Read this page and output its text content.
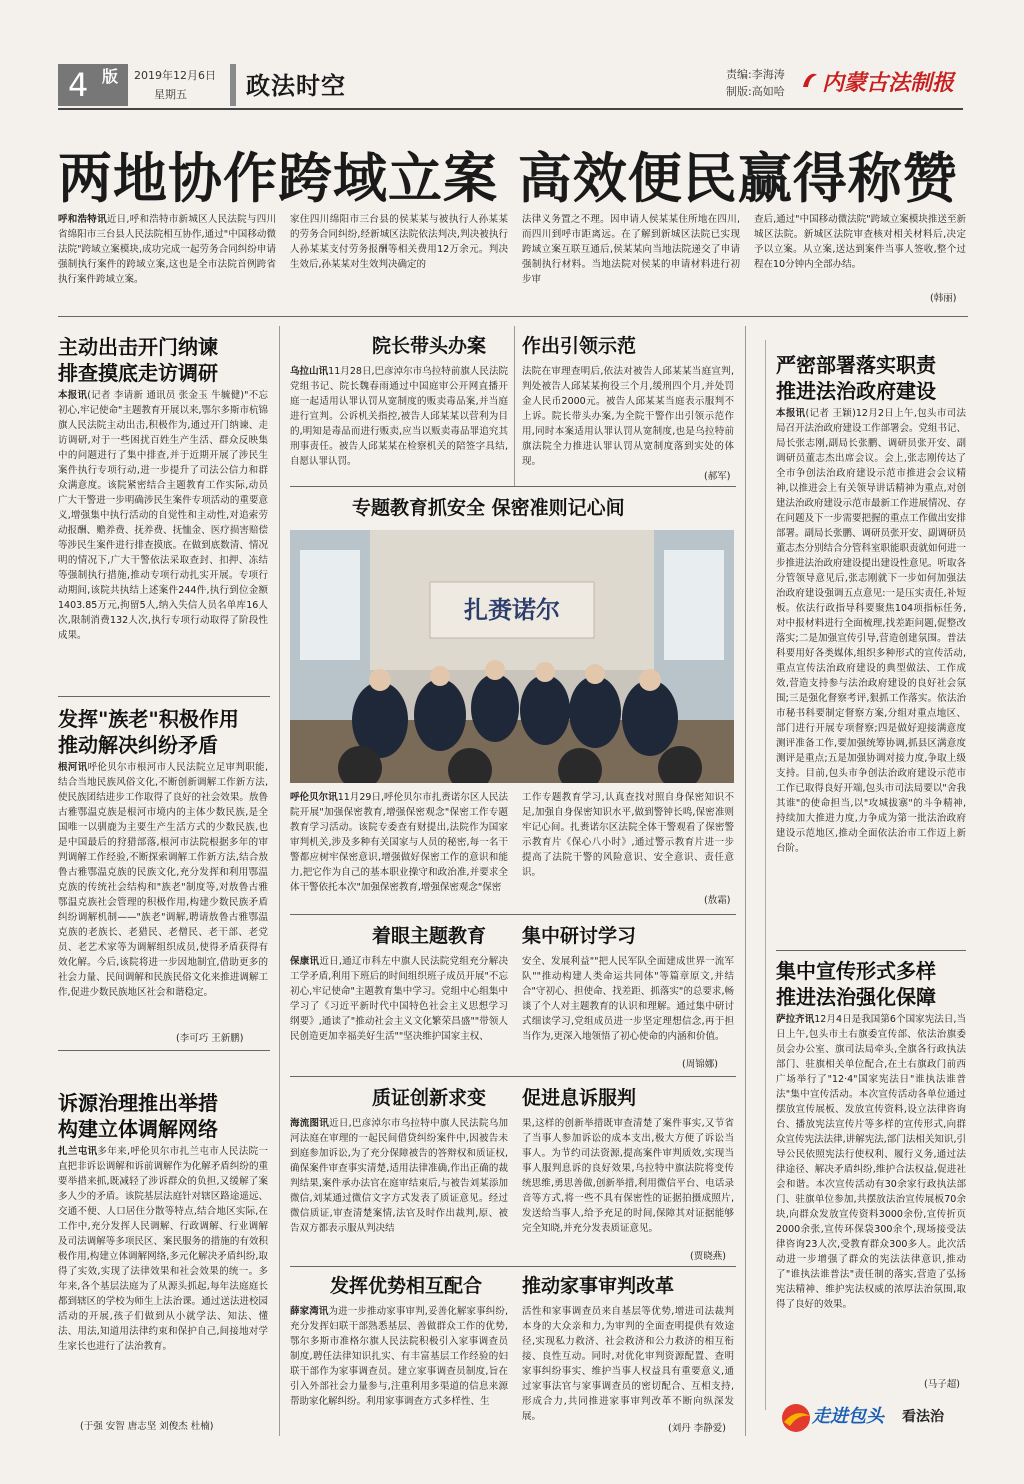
4 版	2019年12月6日
星期五 政法时空	责编:李海涛
制版:高如哈 内蒙古法制报
两地协作跨域立案 高效便民赢得称赞
呼和浩特讯近日,呼和浩特市新城区人民法院与四川省绵阳市三台县人民法院相互协作,通过"中国移动微法院"跨域立案模块,成功完成一起劳务合同纠纷申请强制执行案件的跨域立案,这也是全市法院首例跨省执行案件跨域立案。
家住四川绵阳市三台县的侯某某与被执行人孙某某的劳务合同纠纷,经新城区法院依法判决,判决被执行人孙某某支付劳务报酬等相关费用12万余元。判决生效后,孙某某对生效判决确定的
法律义务置之不理。因申请人侯某某住所地在四川,而四川到呼市距离远。在了解到新城区法院已实现跨域立案互联互通后,侯某某向当地法院递交了申请强制执行材料。当地法院对侯某的申请材料进行初步审
查后,通过"中国移动微法院"跨域立案模块推送至新城区法院。新城区法院审查核对相关材料后,决定予以立案。从立案,送达到案件当事人签收,整个过程在10分钟内全部办结。
(韩丽)
主动出击开门纳谏
排查摸底走访调研
本报讯(记者 李请新 通讯员 张金玉 牛毓健)"不忘初心,牢记使命"主题教育开展以来,鄂尔多斯市杭锦旗人民法院主动出击,积极作为,通过开门纳谏、走访调研,对于一些困扰百姓生产生活、群众反映集中的问题进行了集中排查,并于近期开展了涉民生案件执行专项行动,进一步提升了司法公信力和群众满意度。该院紧密结合主题教育工作实际,动员广大干警进一步明确涉民生案件专项活动的重要意义,增强集中执行活动的自觉性和主动性,对追索劳动报酬、赡养费、抚养费、抚恤金、医疗损害赔偿等涉民生案件进行排查摸底。在做到底数清、情况明的情况下,广大干警依法采取查封、扣押、冻结等强制执行措施,推动专项行动扎实开展。专项行动期间,该院共执结上述案件244件,执行到位金额1403.85万元,拘留5人,纳入失信人员名单库16人次,限制消费132人次,执行专项行动取得了阶段性成果。
发挥"族老"积极作用
推动解决纠纷矛盾
根河讯呼伦贝尔市根河市人民法院立足审判职能,结合当地民族风俗文化,不断创新调解工作新方法,使民族团结进步工作取得了良好的社会效果。敖鲁古雅鄂温克族是根河市境内的主体少数民族,是全国唯一以驯鹿为主要生产生活方式的少数民族,也是中国最后的狩猎部落,根河市法院根据多年的审判调解工作经验,不断探索调解工作新方法,结合敖鲁古雅鄂温克族的民族文化,充分发挥和利用鄂温克族的传统社会结构和"族老"制度等,对敖鲁古雅鄂温克族社会管理的积极作用,构建少数民族矛盾纠纷调解机制——"族老"调解,聘请敖鲁古雅鄂温克族的老族长、老猎民、老僧民、老干部、老党员、老艺术家等为调解组织成员,使得矛盾获得有效化解。今后,该院将进一步因地制宜,借助更多的社会力量、民间调解和民族民俗文化来推进调解工作,促进少数民族地区社会和谐稳定。
(李可巧 王新鹏)
诉源治理推出举措
构建立体调解网络
扎兰屯讯多年来,呼伦贝尔市扎兰屯市人民法院一直把非诉讼调解和诉前调解作为化解矛盾纠纷的重要举措来抓,既减轻了涉诉群众的负担,又缓解了案多人少的矛盾。该院基层法庭针对辖区路途遥远、交通不便、人口居住分散等特点,结合地区实际,在工作中,充分发挥人民调解、行政调解、行业调解及司法调解等多项民区、案民服务的措施的有效积极作用,构建立体调解网络,多元化解决矛盾纠纷,取得了实效,实现了法律效果和社会效果的统一。多年来,各个基层法庭为了从源头抓起,每年法庭庭长都到辖区的学校为师生上法治课。通过送法进校园活动的开展,孩子们做到从小就学法、知法、懂法、用法,知道用法律约束和保护自己,间接地对学生家长也进行了法治教育。
(于强 安智 唐志坚 刘俊杰 杜楠)
院长带头办案
乌拉山讯11月28日,巴彦淖尔市乌拉特前旗人民法院党组书记、院长魏春雨通过中国庭审公开网直播开庭一起适用认罪认罚从宽制度的贩卖毒品案,并当庭进行宣判。公诉机关指控,被告人邱某某以营利为目的,明知是毒品而进行贩卖,应当以贩卖毒品罪追究其刑事责任。被告人邱某某在检察机关的陪签字具结,自愿认罪认罚。
作出引领示范
法院在审理查明后,依法对被告人邱某某当庭宣判,判处被告人邱某某拘役三个月,缓刑四个月,并处罚金人民币2000元。被告人邱某某当庭表示服判不上诉。院长带头办案,为全院干警作出引领示范作用,同时本案适用认罪认罚从宽制度,也是乌拉特前旗法院全力推进认罪认罚从宽制度落到实处的体现。
(郝军)
专题教育抓安全 保密准则记心间
扎赉诺尔
呼伦贝尔讯11月29日,呼伦贝尔市扎赉诺尔区人民法院开展"加强保密教育,增强保密观念"保密工作专题教育学习活动。该院专委查有财提出,法院作为国家审判机关,涉及多种有关国家与人员的秘密,每一名干警都应树牢保密意识,增强做好保密工作的意识和能力,把它作为自己的基本职业操守和政治准,并要求全体干警依托本次"加强保密教育,增强保密观念"保密
工作专题教育学习,认真查找对照自身保密知识不足,加强自身保密知识水平,做到警钟长鸣,保密准则牢记心间。扎赉诺尔区法院全体干警观看了保密警示教育片《保心八小时》,通过警示教育片进一步提高了法院干警的风险意识、安全意识、责任意识。
(敖霜)
着眼主题教育
保康讯近日,通辽市科左中旗人民法院党组充分解决工学矛盾,利用下班后的时间组织班子成员开展"不忘初心,牢记使命"主题教育集中学习。党组中心组集中学习了《习近平新时代中国特色社会主义思想学习纲要》,通读了"推动社会主义文化繁荣昌盛""带领人民创造更加幸福美好生活""坚决维护国家主权、
集中研讨学习
安全、发展利益""把人民军队全面建成世界一流军队""推动构建人类命运共同体"等篇章原文,并结合"守初心、担使命、找差距、抓落实"的总要求,畅谈了个人对主题教育的认识和理解。通过集中研讨式细读学习,党组成员进一步坚定理想信念,再于担当作为,更深入地领悟了初心使命的内涵和价值。
(周锦娜)
质证创新求变
海流图讯近日,巴彦淖尔市乌拉特中旗人民法院乌加河法庭在审理的一起民间借贷纠纷案件中,因被告未到庭参加诉讼,为了充分保障被告的答辩权和质证权,确保案件审查事实清楚,适用法律准确,作出正确的裁判结果,案件承办法官在庭审结束后,与被告刘某添加微信,刘某通过微信文字方式发表了质证意见。经过微信质证,审查清楚案情,法官及时作出裁判,原、被告双方都表示服从判决结
促进息诉服判
果,这样的创新举措既审查清楚了案件事实,又节省了当事人参加诉讼的成本支出,极大方便了诉讼当事人。为节约司法资源,提高案件审判质效,实现当事人服判息诉的良好效果,乌拉特中旗法院将变传统思维,勇思善做,创新举措,利用微信平台、电话录音等方式,将一些不具有保密性的证据拍摄成照片,发送给当事人,给予充足的时间,保障其对证据能够完全知晓,并充分发表质证意见。
(贾晓燕)
发挥优势相互配合
薛家湾讯为进一步推动家事审判,妥善化解家事纠纷,充分发挥妇联干部熟悉基层、善做群众工作的优势,鄂尔多斯市准格尔旗人民法院积极引入家事调查员制度,聘任法律知识扎实、有丰富基层工作经验的妇联干部作为家事调查员。建立家事调查员制度,旨在引入外部社会力量参与,注重利用多渠道的信息来源帮助家化解纠纷。利用家事调查方式多样性、生
推动家事审判改革
活性和家事调查员来自基层等优势,增进司法裁判本身的大众亲和力,为审判的全面查明提供有效途径,实现私力救济、社会救济和公力救济的相互衔接、良性互动。同时,对优化审判资源配置、查明家事纠纷事实、维护当事人权益具有重要意义,通过家事法官与家事调查员的密切配合、互相支持,形成合力,共同推进家事审判改革不断向纵深发展。
(刘丹 李静爱)
严密部署落实职责
推进法治政府建设
本报讯(记者 王颖)12月2日上午,包头市司法局召开法治政府建设工作部署会。党组书记、局长张志刚,副局长张鹏、调研员张开安、副调研员董志杰出席会议。会上,张志刚传达了全市争创法治政府建设示范市推进会会议精神,以推进会上有关领导讲话精神为重点,对创建法治政府建设示范市最新工作进展情况、存在问题及下一步需要把握的重点工作做出安排部署。副局长张鹏、调研员张开安、副调研员董志杰分别结合分管科室职能职责就如何进一步推进法治政府建设提出建设性意见。听取各分管领导意见后,张志刚就下一步如何加强法治政府建设强调五点意见:一是压实责任,补短板。依法行政指导科要聚焦104项指标任务,对中报材料进行全面梳理,找差距问题,促整改落实;二是加强宣传引导,营造创建氛围。普法科要用好各类媒体,组织多种形式的宣传活动,重点宣传法治政府建设的典型做法、工作成效,营造支持参与法治政府建设的良好社会氛围;三是强化督察考评,狠抓工作落实。依法治市秘书科要制定督察方案,分组对重点地区、部门进行开展专项督察;四是做好迎接满意度测评准备工作,要加强统筹协调,抓县区满意度测评是重点;五是加强协调对接力度,争取上级支持。目前,包头市争创法治政府建设示范市工作已取得良好开端,包头市司法局要以"舍我其谁"的使命担当,以"攻城拔寨"的斗争精神,持续加大推进力度,力争成为第一批法治政府建设示范地区,推动全面依法治市工作迈上新台阶。
集中宣传形式多样
推进法治强化保障
萨拉齐讯12月4日是我国第6个国家宪法日,当日上午,包头市土右旗委宣传部、依法治旗委员会办公室、旗司法局牵头,全旗各行政执法部门、驻旗相关单位配合,在土右旗政门前西广场举行了"12·4"国家宪法日"谁执法谁普法"集中宣传活动。本次宣传活动各单位通过摆放宣传展板、发放宣传资料,设立法律咨询台、播放宪法宣传片等多样的宣传形式,向群众宣传宪法法律,讲解宪法,部门法相关知识,引导公民依照宪法行使权利、履行义务,通过法律途径、解决矛盾纠纷,维护合法权益,促进社会和谐。本次宣传活动有30余家行政执法部门、驻旗单位参加,共摆放法治宣传展板70余块,向群众发放宣传资料3000余份,宣传折页2000余张,宣传环保袋300余个,现场接受法律咨询23人次,受教育群众300多人。此次活动进一步增强了群众的宪法法律意识,推动了"谁执法谁普法"责任制的落实,营造了弘扬宪法精神、维护宪法权威的浓厚法治氛围,取得了良好的效果。
(马子超)
走进包头 看法治
